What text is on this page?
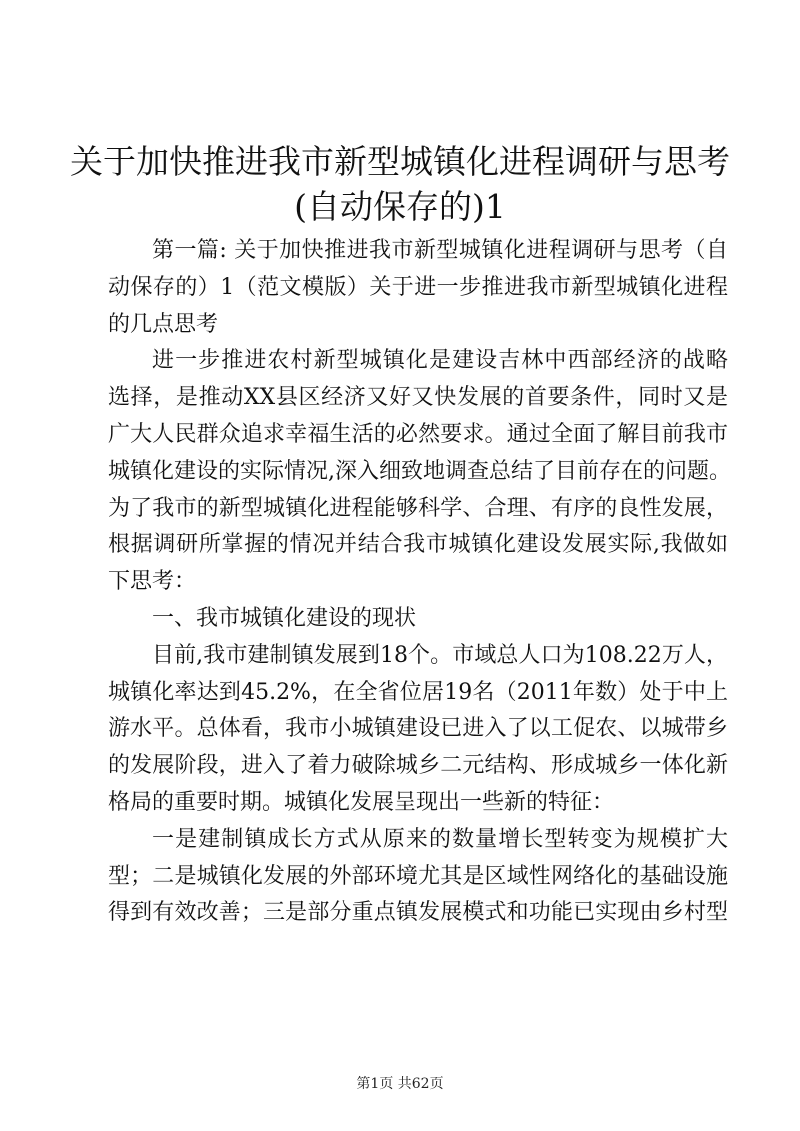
关于加快推进我市新型城镇化进程调研与思考
(自动保存的)1
第一篇: 关于加快推进我市新型城镇化进程调研与思考（自
动保存的）1（范文模版）关于进一步推进我市新型城镇化进程
的几点思考
进一步推进农村新型城镇化是建设吉林中西部经济的战略
选择，是推动XX县区经济又好又快发展的首要条件，同时又是
广大人民群众追求幸福生活的必然要求。通过全面了解目前我市
城镇化建设的实际情况,深入细致地调查总结了目前存在的问题。
为了我市的新型城镇化进程能够科学、合理、有序的良性发展，
根据调研所掌握的情况并结合我市城镇化建设发展实际,我做如
下思考：
一、我市城镇化建设的现状
目前,我市建制镇发展到18个。市域总人口为108.22万人，
城镇化率达到45.2%，在全省位居19名（2011年数）处于中上
游水平。总体看，我市小城镇建设已进入了以工促农、以城带乡
的发展阶段，进入了着力破除城乡二元结构、形成城乡一体化新
格局的重要时期。城镇化发展呈现出一些新的特征：
一是建制镇成长方式从原来的数量增长型转变为规模扩大
型；二是城镇化发展的外部环境尤其是区域性网络化的基础设施
得到有效改善；三是部分重点镇发展模式和功能已实现由乡村型
第1页 共62页
